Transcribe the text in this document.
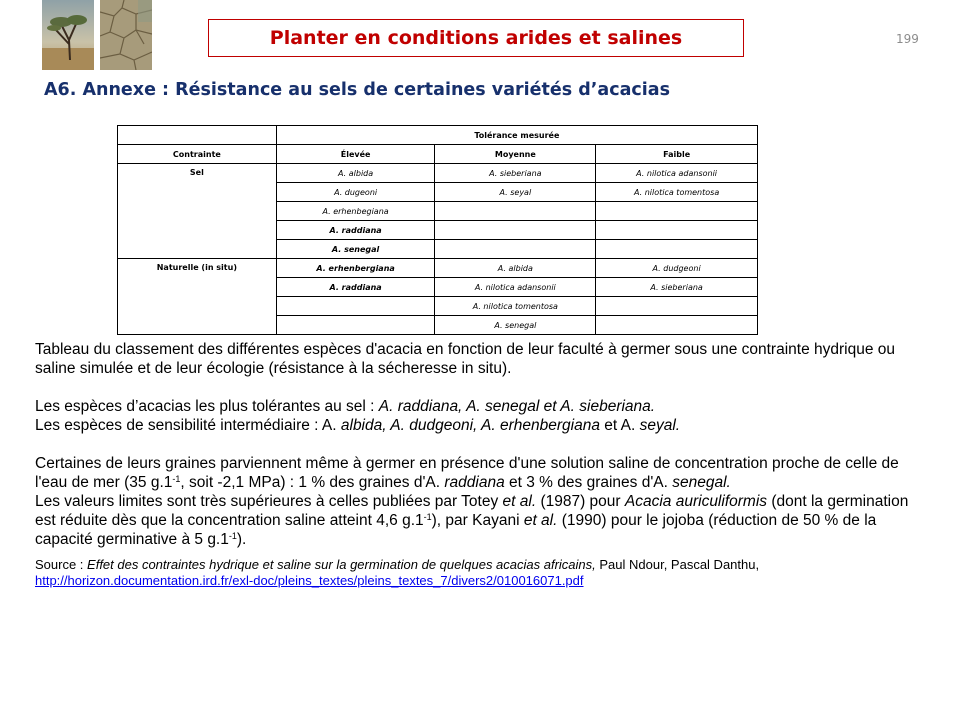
Planter en conditions arides et salines	199
A6. Annexe : Résistance au sels de certaines variétés d’acacias
	Tolérance mesurée		
Contrainte	Élevée	Moyenne	Faible
Sel	A. albida	A. sieberiana	A. nilotica adansonii
	A. dugeoni	A. seyal	A. nilotica tomentosa
	A. erhenbegiana		
	A. raddiana		
	A. senegal		
Naturelle (in situ)	A. erhenbergiana	A. albida	A. dudgeoni
	A. raddiana	A. nilotica adansonii	A. sieberiana
		A. nilotica tomentosa	
		A. senegal	

Tableau du classement des différentes espèces d'acacia en fonction de leur faculté à germer sous une contrainte hydrique ou saline simulée et de leur écologie (résistance à la sécheresse in situ).

Les espèces d’acacias les plus tolérantes au sel : A. raddiana, A. senegal et A. sieberiana.

Les espèces de sensibilité intermédiaire : A. albida, A. dudgeoni, A. erhenbergiana et A. seyal.

Certaines de leurs graines parviennent même à germer en présence d'une solution saline de concentration proche de celle de l'eau de mer (35 $g.1^{-1}$, soit -2,1 MPa) : 1 % des graines d'A. raddiana et 3 % des graines d'A. senegal.

Les valeurs limites sont très supérieures à celles publiées par Totey et al. (1987) pour Acacia auriculiformis (dont la germination est réduite dès que la concentration saline atteint 4,6 $g.1^{-1}$), par Kayani et al. (1990) pour le jojoba (réduction de 50 % de la capacité germinative à 5 $g.1^{-1}$).

Source : Effet des contraintes hydrique et saline sur la germination de quelques acacias africains, Paul Ndour, Pascal Danthu, http://horizon.documentation.ird.fr/exl-doc/pleins_textes/pleins_textes_7/divers2/010016071.pdf
